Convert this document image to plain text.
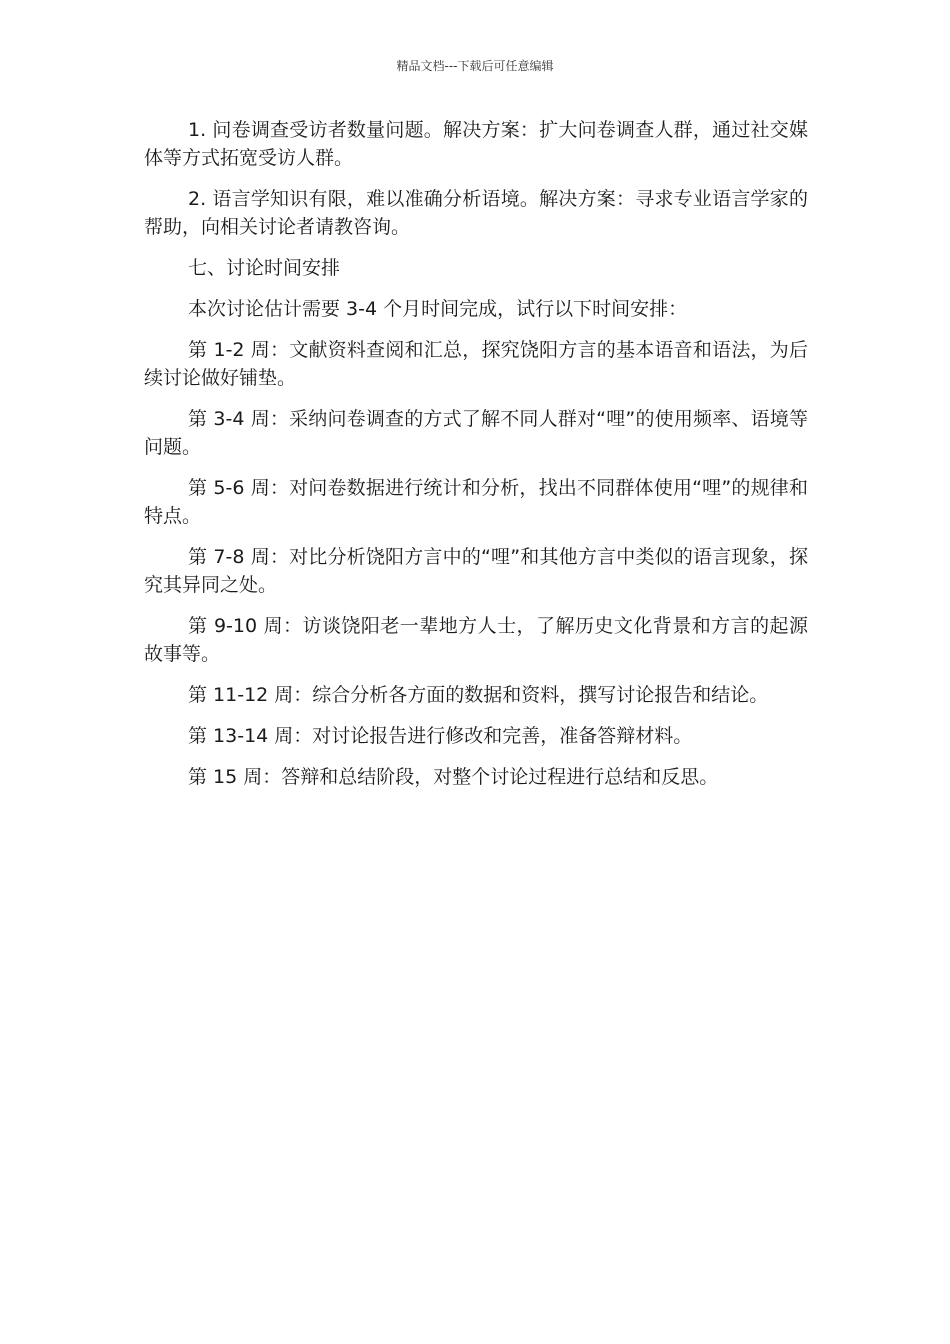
精品文档---下载后可任意编辑

1. 问卷调查受访者数量问题。解决方案：扩大问卷调查人群，通过社交媒体等方式拓宽受访人群。

2. 语言学知识有限，难以准确分析语境。解决方案：寻求专业语言学家的帮助，向相关讨论者请教咨询。

七、讨论时间安排

本次讨论估计需要 3-4 个月时间完成，试行以下时间安排：

第 1-2 周：文献资料查阅和汇总，探究饶阳方言的基本语音和语法，为后续讨论做好铺垫。

第 3-4 周：采纳问卷调查的方式了解不同人群对“哩”的使用频率、语境等问题。

第 5-6 周：对问卷数据进行统计和分析，找出不同群体使用“哩”的规律和特点。

第 7-8 周：对比分析饶阳方言中的“哩”和其他方言中类似的语言现象，探究其异同之处。

第 9-10 周：访谈饶阳老一辈地方人士，了解历史文化背景和方言的起源故事等。

第 11-12 周：综合分析各方面的数据和资料，撰写讨论报告和结论。

第 13-14 周：对讨论报告进行修改和完善，准备答辩材料。

第 15 周：答辩和总结阶段，对整个讨论过程进行总结和反思。
